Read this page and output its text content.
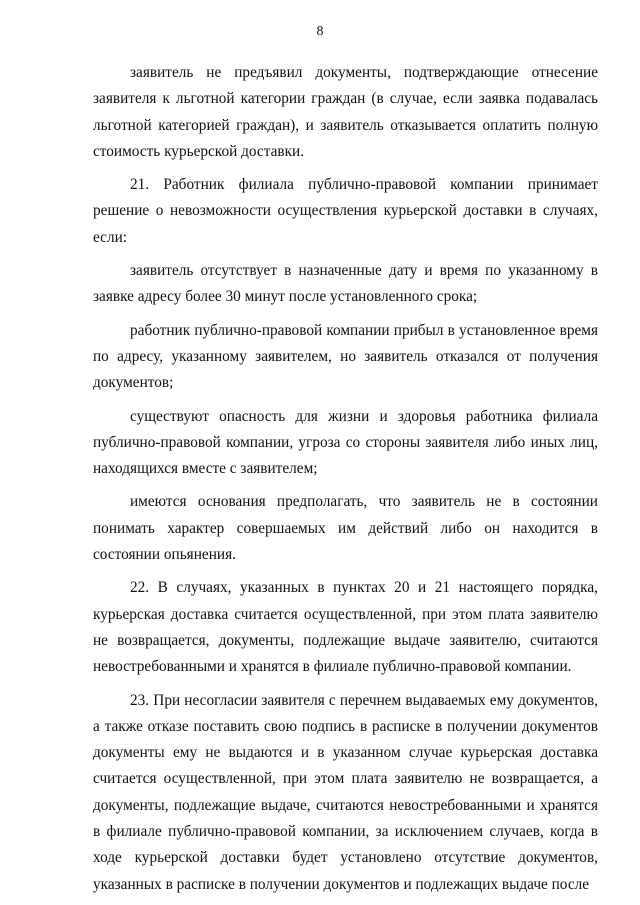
8

заявитель не предъявил документы, подтверждающие отнесение заявителя к льготной категории граждан (в случае, если заявка подавалась льготной категорией граждан), и заявитель отказывается оплатить полную стоимость курьерской доставки.

21. Работник филиала публично-правовой компании принимает решение о невозможности осуществления курьерской доставки в случаях, если:

заявитель отсутствует в назначенные дату и время по указанному в заявке адресу более 30 минут после установленного срока;

работник публично-правовой компании прибыл в установленное время по адресу, указанному заявителем, но заявитель отказался от получения документов;

существуют опасность для жизни и здоровья работника филиала публично-правовой компании, угроза со стороны заявителя либо иных лиц, находящихся вместе с заявителем;

имеются основания предполагать, что заявитель не в состоянии понимать характер совершаемых им действий либо он находится в состоянии опьянения.

22. В случаях, указанных в пунктах 20 и 21 настоящего порядка, курьерская доставка считается осуществленной, при этом плата заявителю не возвращается, документы, подлежащие выдаче заявителю, считаются невостребованными и хранятся в филиале публично-правовой компании.

23. При несогласии заявителя с перечнем выдаваемых ему документов, а также отказе поставить свою подпись в расписке в получении документов документы ему не выдаются и в указанном случае курьерская доставка считается осуществленной, при этом плата заявителю не возвращается, а документы, подлежащие выдаче, считаются невостребованными и хранятся в филиале публично-правовой компании, за исключением случаев, когда в ходе курьерской доставки будет установлено отсутствие документов, указанных в расписке в получении документов и подлежащих выдаче после
